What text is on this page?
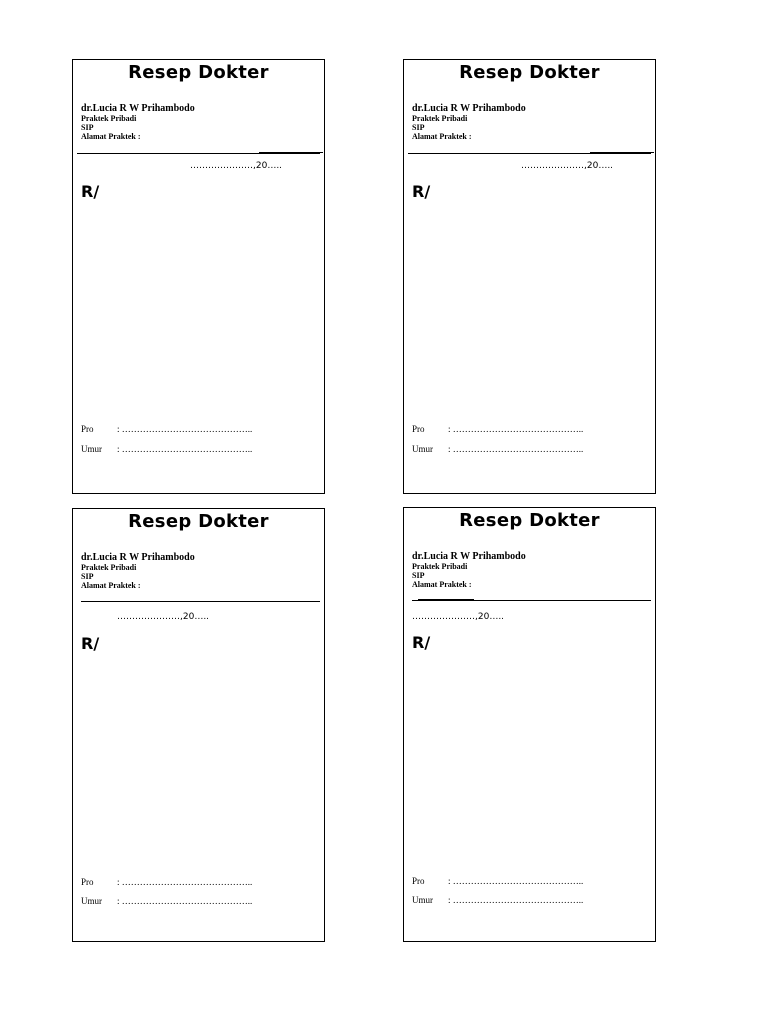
Resep Dokter
dr.Lucia R W Prihambodo
Praktek Pribadi
SIP
Alamat Praktek :
…………………,20…..
R/
Pro	: ……………………………………..
Umur : ……………………………………..
Resep Dokter
dr.Lucia R W Prihambodo
Praktek Pribadi
SIP
Alamat Praktek :
…………………,20…..
R/
Pro	: ……………………………………..
Umur : ……………………………………..
Resep Dokter
dr.Lucia R W Prihambodo
Praktek Pribadi
SIP
Alamat Praktek :
…………………,20…..
R/
Pro	: ……………………………………..
Umur : ……………………………………..
Resep Dokter
dr.Lucia R W Prihambodo
Praktek Pribadi
SIP
Alamat Praktek :
…………………,20…..
R/
Pro	: ……………………………………..
Umur : ……………………………………..
